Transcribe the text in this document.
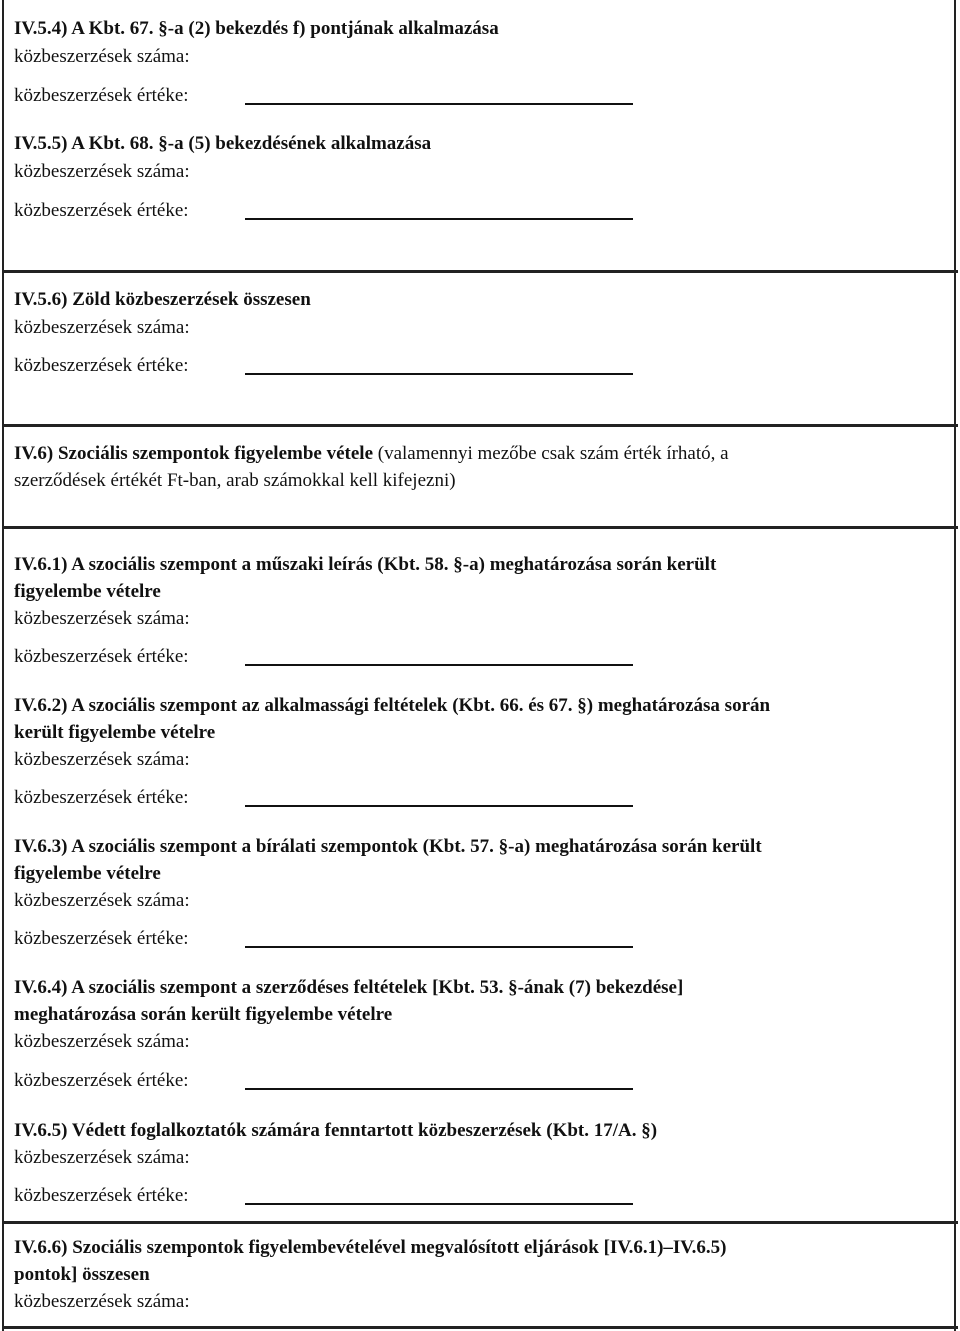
IV.5.4) A Kbt. 67. §-a (2) bekezdés f) pontjának alkalmazása
közbeszerzések száma:
közbeszerzések értéke:
IV.5.5) A Kbt. 68. §-a (5) bekezdésének alkalmazása
közbeszerzések száma:
közbeszerzések értéke:
IV.5.6) Zöld közbeszerzések összesen
közbeszerzések száma:
közbeszerzések értéke:
IV.6) Szociális szempontok figyelembe vétele (valamennyi mezőbe csak szám érték írható, a
szerződések értékét Ft-ban, arab számokkal kell kifejezni)
IV.6.1) A szociális szempont a műszaki leírás (Kbt. 58. §-a) meghatározása során került
figyelembe vételre
közbeszerzések száma:
közbeszerzések értéke:
IV.6.2) A szociális szempont az alkalmassági feltételek (Kbt. 66. és 67. §) meghatározása során
került figyelembe vételre
közbeszerzések száma:
közbeszerzések értéke:
IV.6.3) A szociális szempont a bírálati szempontok (Kbt. 57. §-a) meghatározása során került
figyelembe vételre
közbeszerzések száma:
közbeszerzések értéke:
IV.6.4) A szociális szempont a szerződéses feltételek [Kbt. 53. §-ának (7) bekezdése]
meghatározása során került figyelembe vételre
közbeszerzések száma:
közbeszerzések értéke:
IV.6.5) Védett foglalkoztatók számára fenntartott közbeszerzések (Kbt. 17/A. §)
közbeszerzések száma:
közbeszerzések értéke:
IV.6.6) Szociális szempontok figyelembevételével megvalósított eljárások [IV.6.1)–IV.6.5)
pontok] összesen
közbeszerzések száma:
